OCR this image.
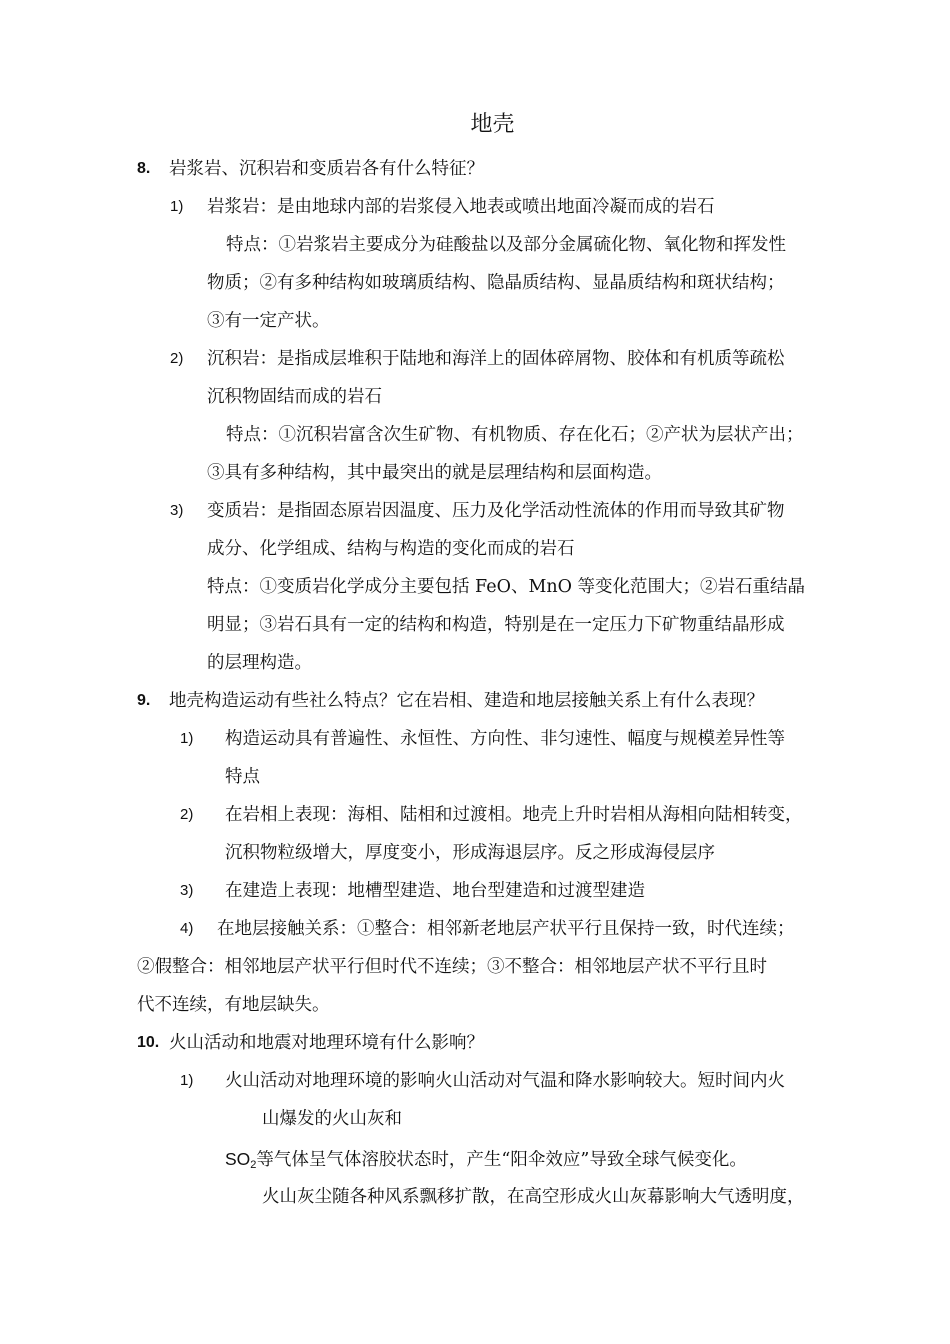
地壳
8. 岩浆岩、沉积岩和变质岩各有什么特征？
1) 岩浆岩：是由地球内部的岩浆侵入地表或喷出地面冷凝而成的岩石
特点：①岩浆岩主要成分为硅酸盐以及部分金属硫化物、氧化物和挥发性
物质；②有多种结构如玻璃质结构、隐晶质结构、显晶质结构和斑状结构；
③有一定产状。
2) 沉积岩：是指成层堆积于陆地和海洋上的固体碎屑物、胶体和有机质等疏松
沉积物固结而成的岩石
特点：①沉积岩富含次生矿物、有机物质、存在化石；②产状为层状产出；
③具有多种结构，其中最突出的就是层理结构和层面构造。
3) 变质岩：是指固态原岩因温度、压力及化学活动性流体的作用而导致其矿物
成分、化学组成、结构与构造的变化而成的岩石
特点：①变质岩化学成分主要包括 FeO、MnO 等变化范围大；②岩石重结晶
明显；③岩石具有一定的结构和构造，特别是在一定压力下矿物重结晶形成
的层理构造。
9. 地壳构造运动有些社么特点？它在岩相、建造和地层接触关系上有什么表现？
1) 构造运动具有普遍性、永恒性、方向性、非匀速性、幅度与规模差异性等
特点
2) 在岩相上表现：海相、陆相和过渡相。地壳上升时岩相从海相向陆相转变，
沉积物粒级增大，厚度变小，形成海退层序。反之形成海侵层序
3) 在建造上表现：地槽型建造、地台型建造和过渡型建造
4) 在地层接触关系：①整合：相邻新老地层产状平行且保持一致，时代连续；
②假整合：相邻地层产状平行但时代不连续；③不整合：相邻地层产状不平行且时
代不连续，有地层缺失。
10. 火山活动和地震对地理环境有什么影响？
1) 火山活动对地理环境的影响火山活动对气温和降水影响较大。短时间内火
山爆发的火山灰和
$SO_2$等气体呈气体溶胶状态时，产生“阳伞效应”导致全球气候变化。
火山灰尘随各种风系飘移扩散，在高空形成火山灰幕影响大气透明度，
